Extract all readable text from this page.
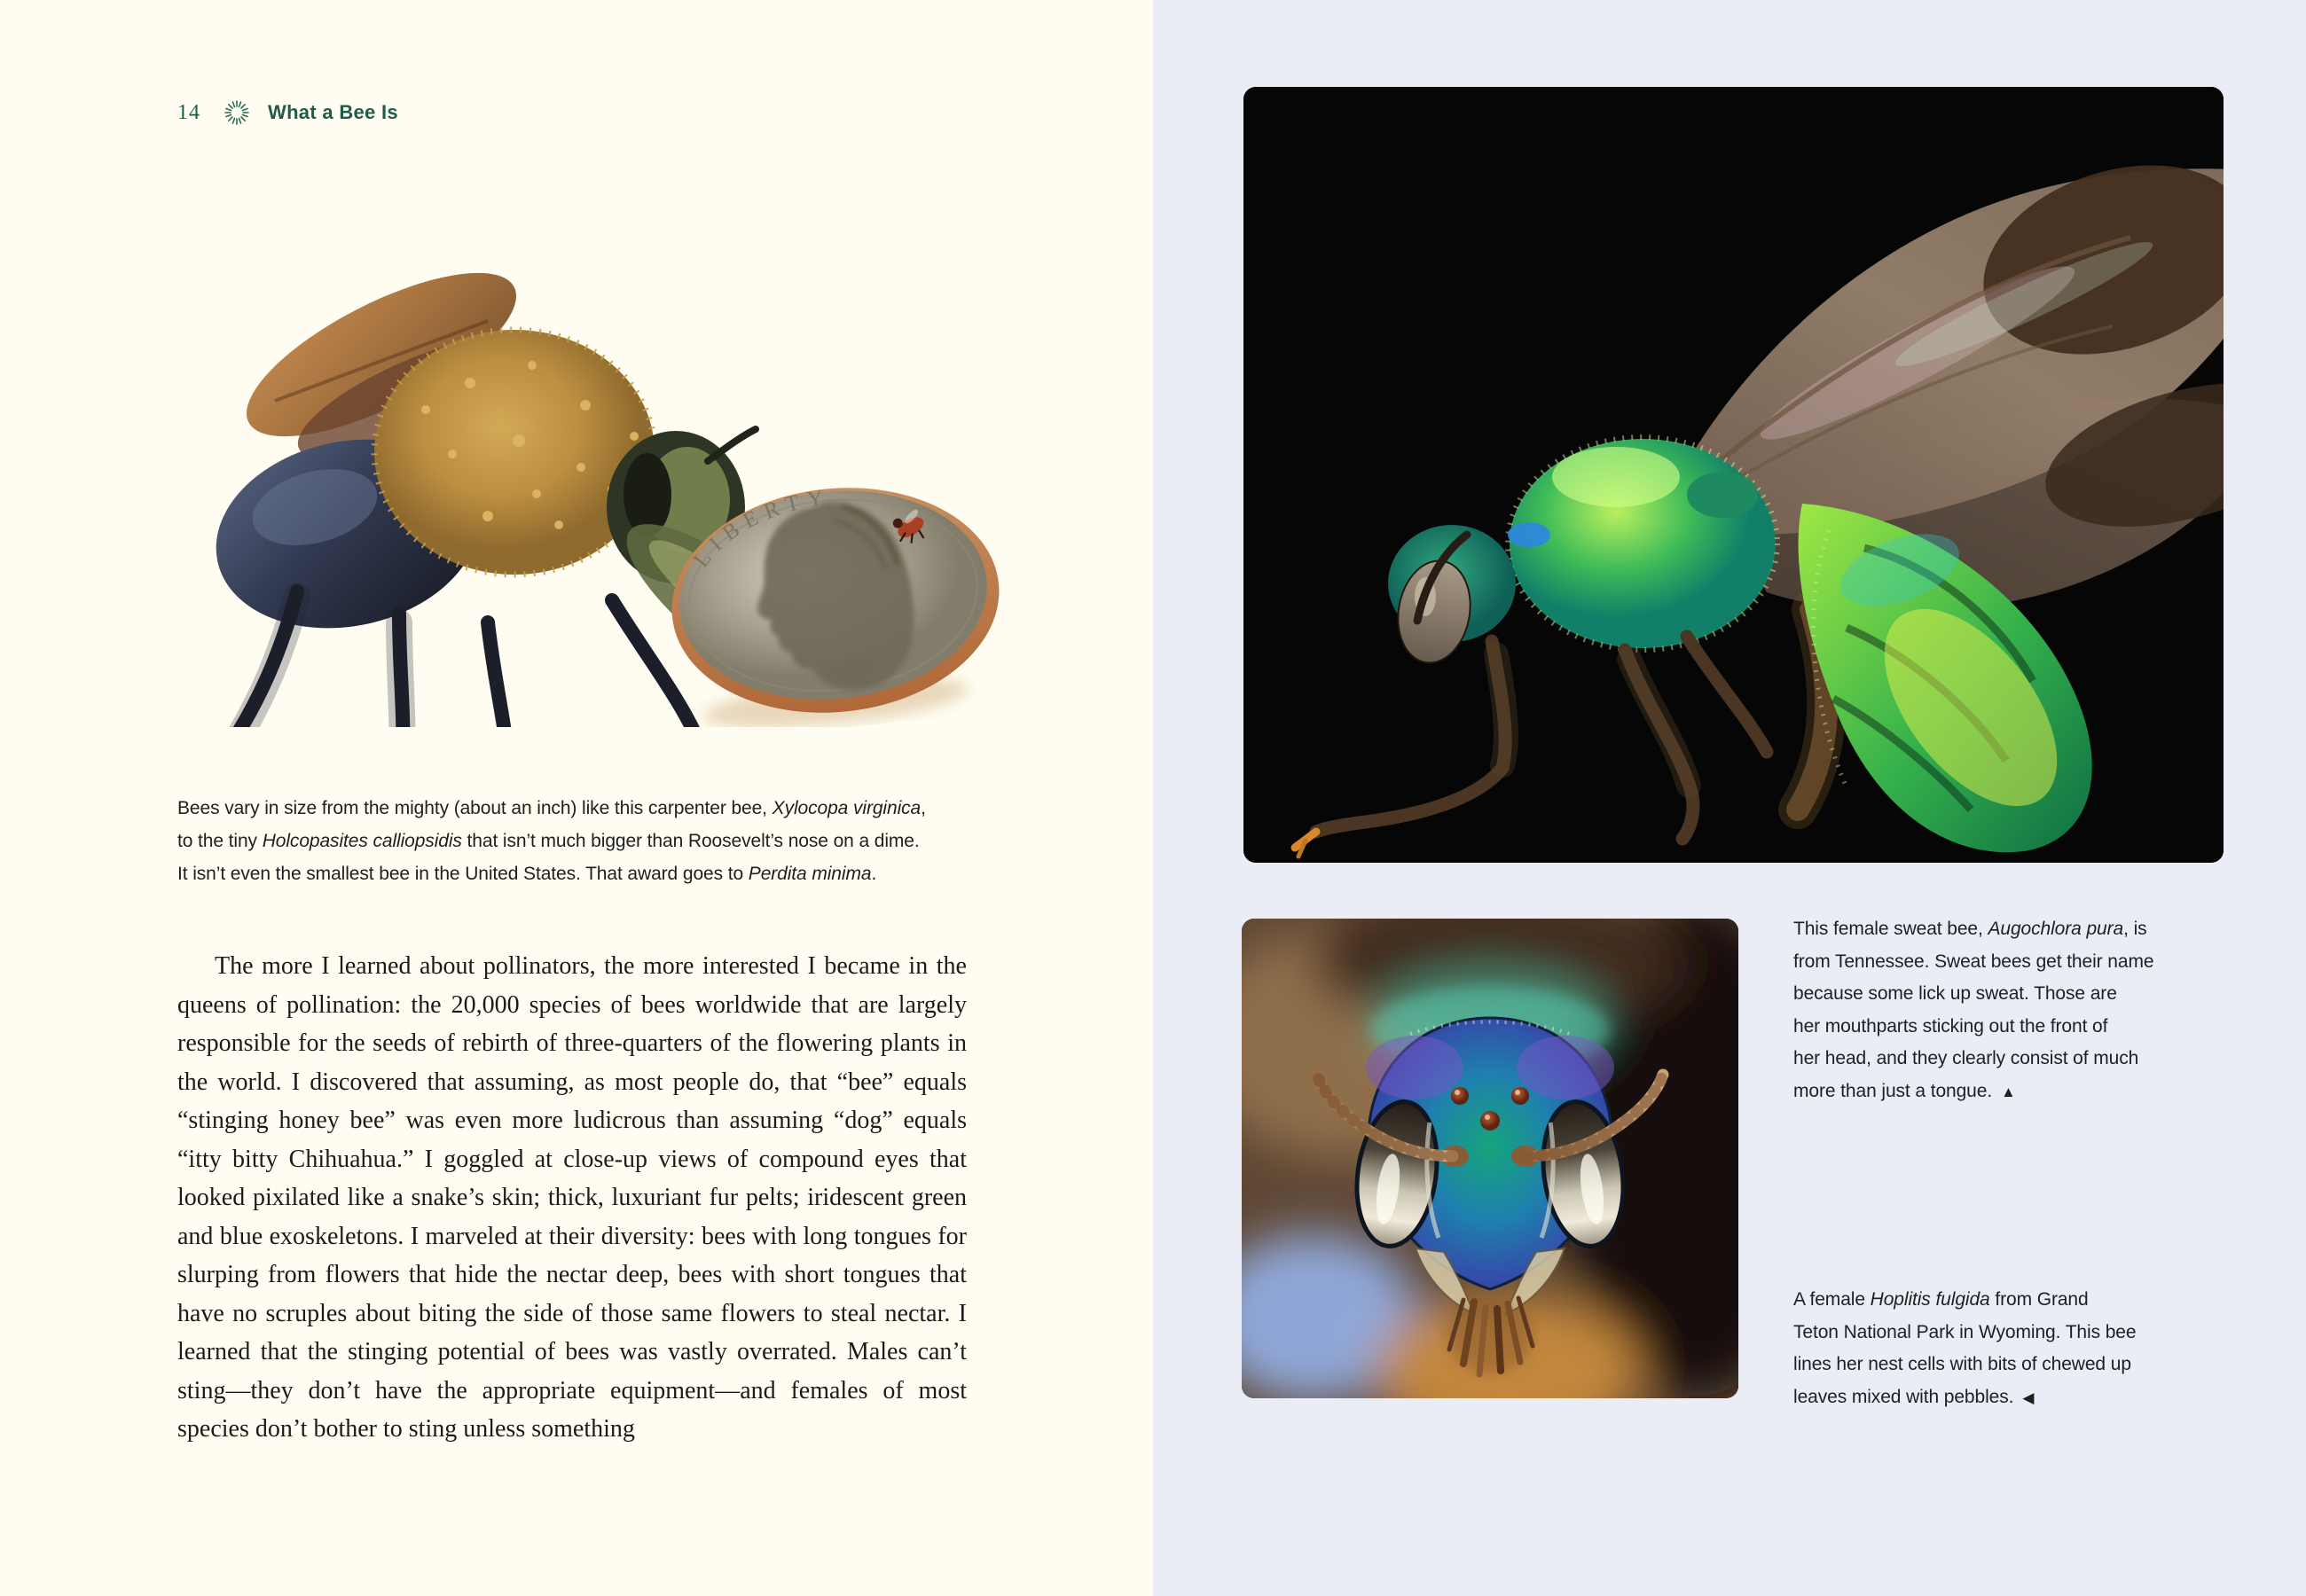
14	What a Bee Is
LIBERTY
Bees vary in size from the mighty (about an inch) like this carpenter bee, Xylocopa virginica,
to the tiny Holcopasites calliopsidis that isn’t much bigger than Roosevelt’s nose on a dime.
It isn’t even the smallest bee in the United States. That award goes to Perdita minima.

The more I learned about pollinators, the more interested I became in the queens of pollination: the 20,000 species of bees worldwide that are largely responsible for the seeds of rebirth of three-quarters of the flowering plants in the world. I discovered that assuming, as most people do, that “bee” equals “stinging honey bee” was even more ludicrous than assuming “dog” equals “itty bitty Chihuahua.” I goggled at close-up views of compound eyes that looked pixilated like a snake’s skin; thick, luxuriant fur pelts; iridescent green and blue exoskeletons. I marveled at their diversity: bees with long tongues for slurping from flowers that hide the nectar deep, bees with short tongues that have no scruples about biting the side of those same flowers to steal nectar. I learned that the stinging potential of bees was vastly overrated. Males can’t sting—they don’t have the appropriate equipment—and females of most species don’t bother to sting unless something

This female sweat bee, Augochlora pura, is
from Tennessee. Sweat bees get their name
because some lick up sweat. Those are
her mouthparts sticking out the front of
her head, and they clearly consist of much
more than just a tongue. ▲
A female Hoplitis fulgida from Grand
Teton National Park in Wyoming. This bee
lines her nest cells with bits of chewed up
leaves mixed with pebbles. ◀
